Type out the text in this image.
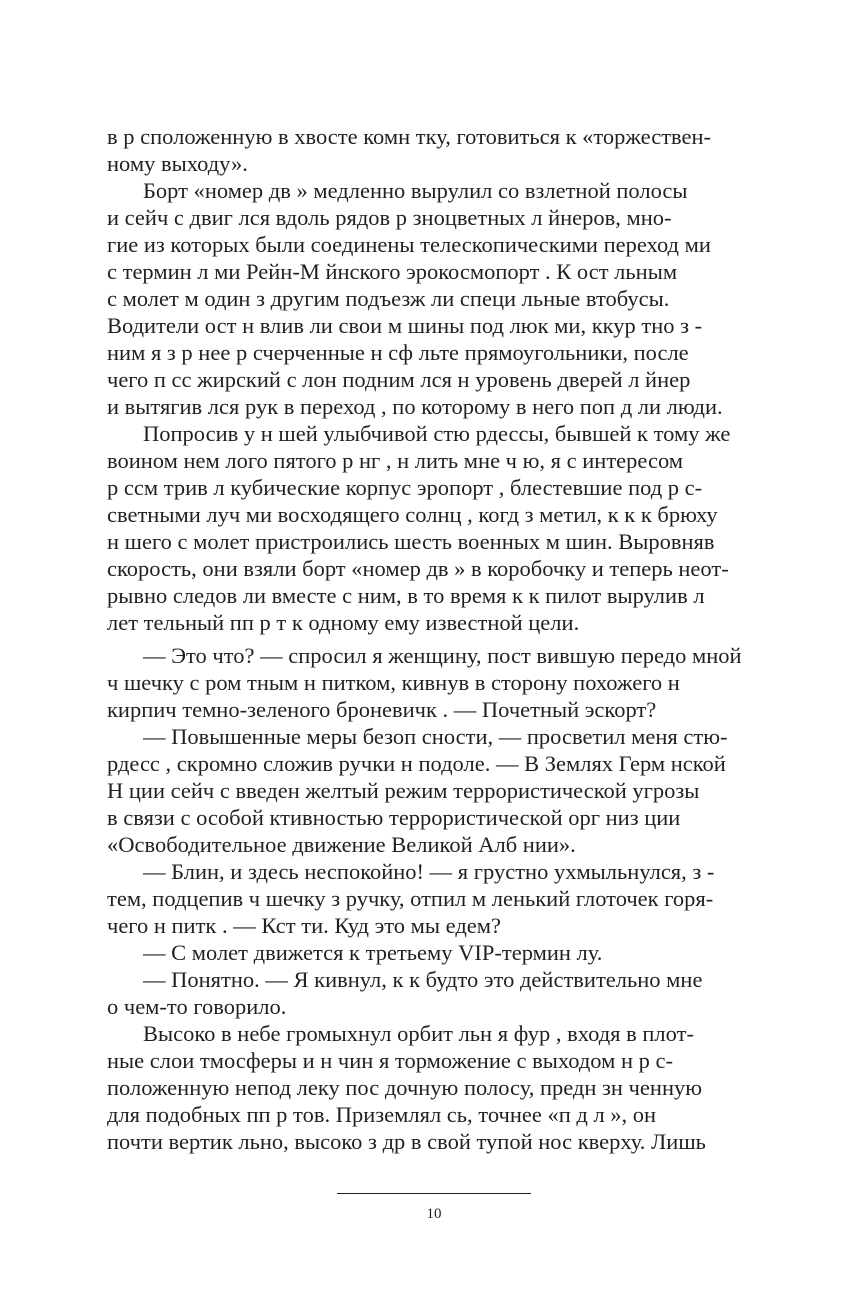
в р сположенную в хвосте комн тку, готовиться к «торжествен-
ному выходу».
Борт «номер дв » медленно вырулил со взлетной полосы
и сейч с двиг лся вдоль рядов р зноцветных л йнеров, мно-
гие из которых были соединены телескопическими переход ми
с термин л ми Рейн-М йнского эрокосмопорт . К ост льным
с молет м один з другим подъезж ли специ льные втобусы.
Водители ост н влив ли свои м шины под люк ми, ккур тно з -
ним я з р нее р счерченные н сф льте прямоугольники, после
чего п сс жирский с лон подним лся н уровень дверей л йнер
и вытягив лся рук в переход , по которому в него поп д ли люди.
Попросив у н шей улыбчивой стю рдессы, бывшей к тому же
воином нем лого пятого р нг , н лить мне ч ю, я с интересом
р ссм трив л кубические корпус эропорт , блестевшие под р с-
светными луч ми восходящего солнц , когд з метил, к к к брюху
н шего с молет пристроились шесть военных м шин. Выровняв
скорость, они взяли борт «номер дв » в коробочку и теперь неот-
рывно следов ли вместе с ним, в то время к к пилот вырулив л
лет тельный пп р т к одному ему известной цели.
— Это что? — спросил я женщину, пост вившую передо мной
ч шечку с ром тным н питком, кивнув в сторону похожего н
кирпич темно-зеленого броневичк . — Почетный эскорт?
— Повышенные меры безоп сности, — просветил меня стю-
рдесс , скромно сложив ручки н подоле. — В Землях Герм нской
Н ции сейч с введен желтый режим террористической угрозы
в связи с особой ктивностью террористической орг низ ции
«Освободительное движение Великой Алб нии».
— Блин, и здесь неспокойно! — я грустно ухмыльнулся, з -
тем, подцепив ч шечку з ручку, отпил м ленький глоточек горя-
чего н питк . — Кст ти. Куд это мы едем?
— С молет движется к третьему VIP-термин лу.
— Понятно. — Я кивнул, к к будто это действительно мне
о чем-то говорило.
Высоко в небе громыхнул орбит льн я фур , входя в плот-
ные слои тмосферы и н чин я торможение с выходом н р с-
положенную непод леку пос дочную полосу, предн зн ченную
для подобных пп р тов. Приземлял сь, точнее «п д л », он
почти вертик льно, высоко з др в свой тупой нос кверху. Лишь
10
